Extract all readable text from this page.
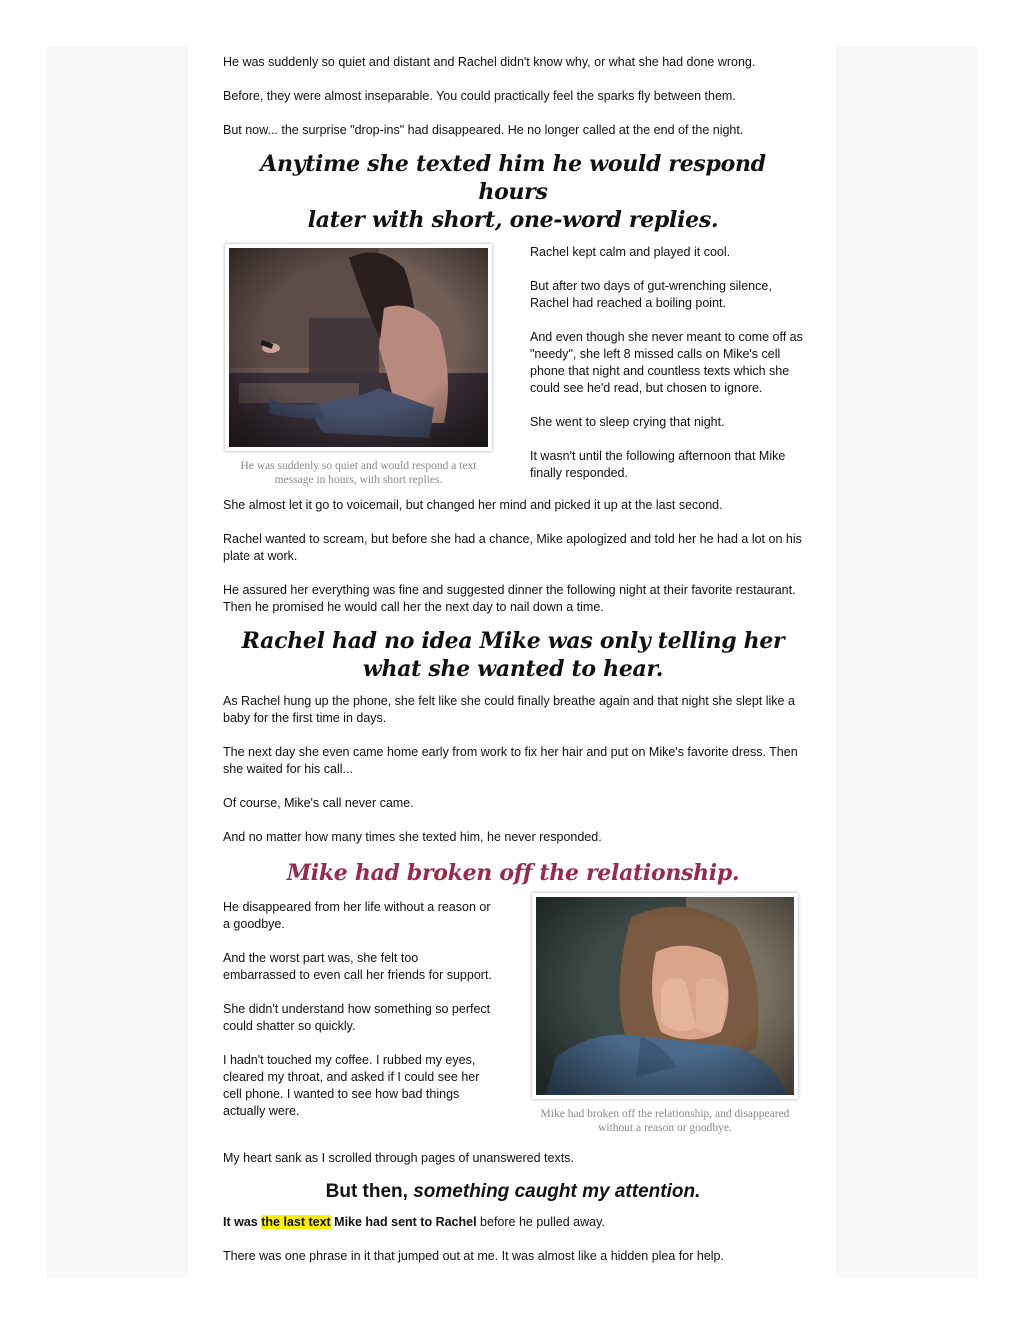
He was suddenly so quiet and distant and Rachel didn't know why, or what she had done wrong.

Before, they were almost inseparable. You could practically feel the sparks fly between them.

But now... the surprise "drop-ins" had disappeared. He no longer called at the end of the night.

Anytime she texted him he would respond hours
later with short, one-word replies.
He was suddenly so quiet and would respond a text message in hours, with short replies.

Rachel kept calm and played it cool.

But after two days of gut-wrenching silence, Rachel had reached a boiling point.

And even though she never meant to come off as "needy", she left 8 missed calls on Mike's cell phone that night and countless texts which she could see he'd read, but chosen to ignore.

She went to sleep crying that night.

It wasn't until the following afternoon that Mike finally responded.

She almost let it go to voicemail, but changed her mind and picked it up at the last second.

Rachel wanted to scream, but before she had a chance, Mike apologized and told her he had a lot on his plate at work.

He assured her everything was fine and suggested dinner the following night at their favorite restaurant. Then he promised he would call her the next day to nail down a time.

Rachel had no idea Mike was only telling her
what she wanted to hear.

As Rachel hung up the phone, she felt like she could finally breathe again and that night she slept like a baby for the first time in days.

The next day she even came home early from work to fix her hair and put on Mike's favorite dress. Then she waited for his call...

Of course, Mike's call never came.

And no matter how many times she texted him, he never responded.

Mike had broken off the relationship.

He disappeared from her life without a reason or a goodbye.

And the worst part was, she felt too embarrassed to even call her friends for support.

She didn't understand how something so perfect could shatter so quickly.

I hadn't touched my coffee. I rubbed my eyes, cleared my throat, and asked if I could see her cell phone. I wanted to see how bad things actually were.	Mike had broken off the relationship, and disappeared without a reason or goodbye.

My heart sank as I scrolled through pages of unanswered texts.

But then, something caught my attention.

It was the last text Mike had sent to Rachel before he pulled away.

There was one phrase in it that jumped out at me. It was almost like a hidden plea for help.
